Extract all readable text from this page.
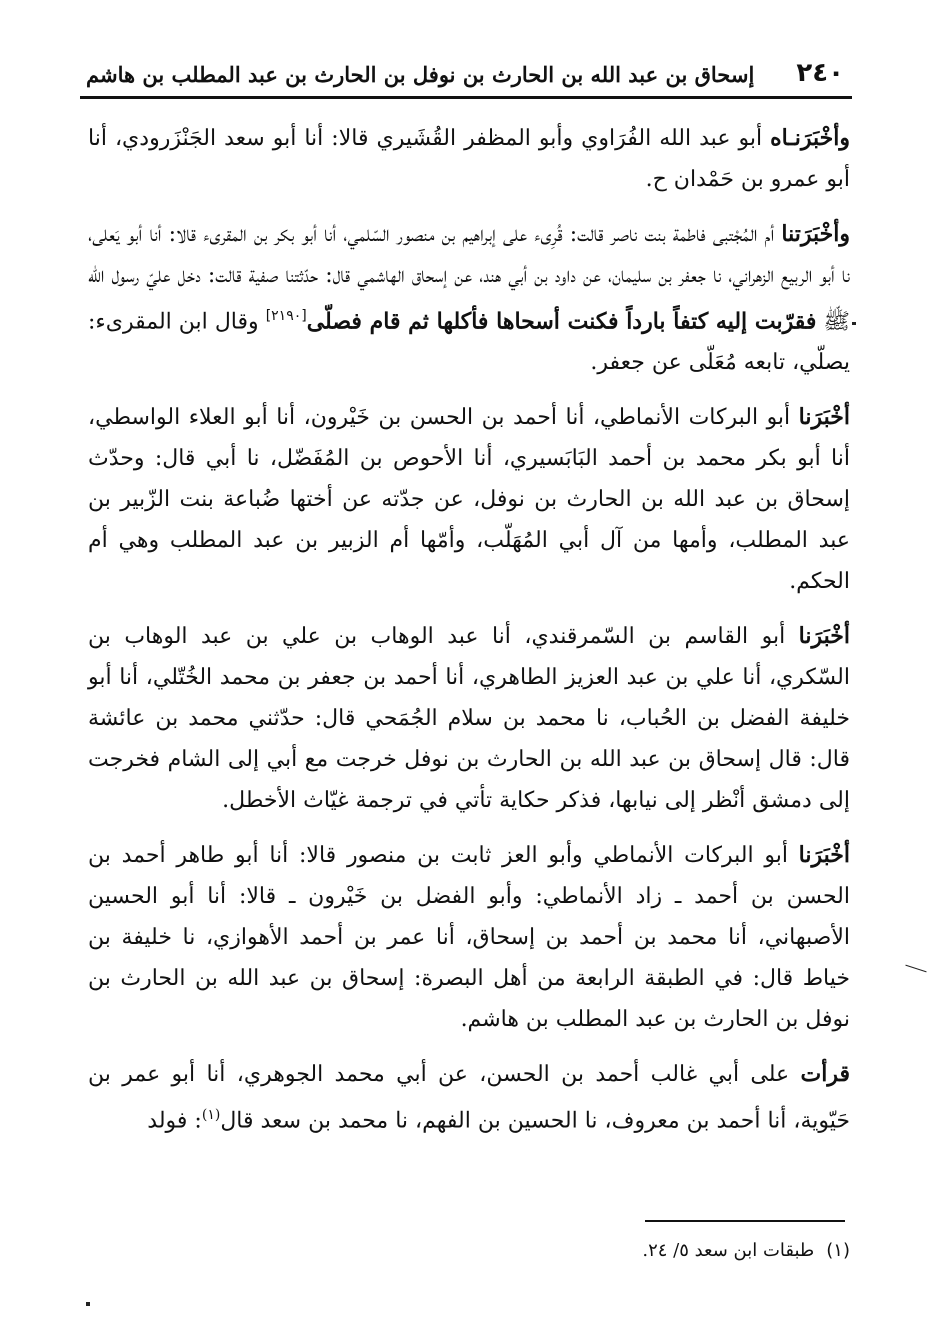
٢٤٠
إسحاق بن عبد الله بن الحارث بن نوفل بن الحارث بن عبد المطلب بن هاشم

وأخْبَرَنـاه أبو عبد الله الفُرَاوي وأبو المظفر القُشَيري قالا: أنا أبو سعد الجَنْزَرودي، أنا أبو عمرو بن حَمْدان ح.

وأخْبَرَتنا أم المُجْتبى فاطمة بنت ناصر قالت: قُرِىء على إبراهيم بن منصور السّلمي، أنا أبو بكر بن المقرىء قالا: أنا أبو يَعلى، نا أبو الربيع الزهراني، نا جعفر بن سليمان، عن داود بن أبي هند، عن إسحاق الهاشمي قال: حدّثتنا صفية قالت: دخل عليّ رسول الله ﷺ فقرّبت إليه كتفاً بارداً فكنت أسحاها فأكلها ثم قام فصلّى[٢١٩٠] وقال ابن المقرىء: يصلّي، تابعه مُعَلّى عن جعفر.

أخْبَرَنا أبو البركات الأنماطي، أنا أحمد بن الحسن بن خَيْرون، أنا أبو العلاء الواسطي، أنا أبو بكر محمد بن أحمد البَابَسيري، أنا الأحوص بن المُفَضّل، نا أبي قال: وحدّث إسحاق بن عبد الله بن الحارث بن نوفل، عن جدّته عن أختها ضُباعة بنت الزّبير بن عبد المطلب، وأمها من آل أبي المُهَلّب، وأمّها أم الزبير بن عبد المطلب وهي أم الحكم.

أخْبَرَنا أبو القاسم بن السّمرقندي، أنا عبد الوهاب بن علي بن عبد الوهاب بن السّكري، أنا علي بن عبد العزيز الطاهري، أنا أحمد بن جعفر بن محمد الخُتّلي، أنا أبو خليفة الفضل بن الحُباب، نا محمد بن سلام الجُمَحي قال: حدّثني محمد بن عائشة قال: قال إسحاق بن عبد الله بن الحارث بن نوفل خرجت مع أبي إلى الشام فخرجت إلى دمشق أنْظر إلى نيابها، فذكر حكاية تأتي في ترجمة غيّاث الأخطل.

أخْبَرَنا أبو البركات الأنماطي وأبو العز ثابت بن منصور قالا: أنا أبو طاهر أحمد بن الحسن بن أحمد ـ زاد الأنماطي: وأبو الفضل بن خَيْرون ـ قالا: أنا أبو الحسين الأصبهاني، أنا محمد بن أحمد بن إسحاق، أنا عمر بن أحمد الأهوازي، نا خليفة بن خياط قال: في الطبقة الرابعة من أهل البصرة: إسحاق بن عبد الله بن الحارث بن نوفل بن الحارث بن عبد المطلب بن هاشم.

قرأت على أبي غالب أحمد بن الحسن، عن أبي محمد الجوهري، أنا أبو عمر بن حَيّوية، أنا أحمد بن معروف، نا الحسين بن الفهم، نا محمد بن سعد قال$^{(١)}$: فولد

(١)طبقات ابن سعد ٥/ ٢٤.
